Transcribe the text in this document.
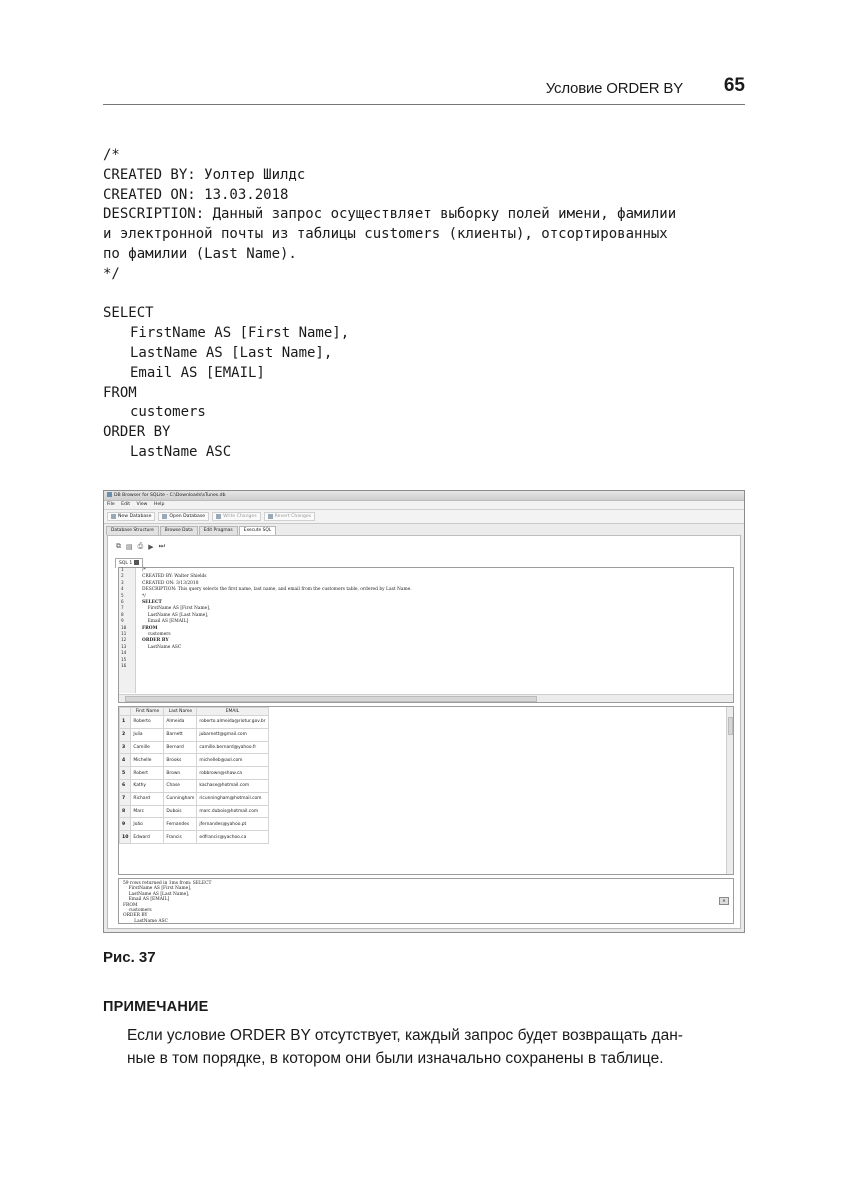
Условие ORDER BY 65
/*
CREATED BY: Уолтер Шилдс
CREATED ON: 13.03.2018
DESCRIPTION: Данный запрос осуществляет выборку полей имени, фамилии
и электронной почты из таблицы customers (клиенты), отсортированных
по фамилии (Last Name).
*/
SELECT
FirstName AS [First Name],
LastName AS [Last Name],
Email AS [EMAIL]
FROM
customers
ORDER BY
LastName ASC
DB Browser for SQLite - C:\Downloads\sTunes.db
File Edit View Help
New Database	Open Database	Write Changes	Revert Changes
Database Structure	Browse Data	Edit Pragmas	Execute SQL
⧉ ▤ ⎙ ▶ ⏭
SQL 1
1
2
3
4
5
6
7
8
9
10
11
12
13
14
15
16
/*
CREATED BY: Walter Shields
CREATED ON: 3/13/2018
DESCRIPTION: This query selects the first name, last name, and email from the customers table, ordered by Last Name.
*/
SELECT
FirstName AS [First Name],
LastName AS [Last Name],
Email AS [EMAIL]
FROM
customers
ORDER BY
LastName ASC
	First Name	Last Name	EMAIL
1	Roberto	Almeida	roberto.almeida@riotur.gov.br
2	Julia	Barnett	jubarnett@gmail.com
3	Camille	Bernard	camille.bernard@yahoo.fr
4	Michelle	Brooks	michelleb@aol.com
5	Robert	Brown	robbrown@shaw.ca
6	Kathy	Chase	kachase@hotmail.com
7	Richard	Cunningham	ricunningham@hotmail.com
8	Marc	Dubois	marc.dubois@hotmail.com
9	João	Fernandes	jfernandes@yahoo.pt
10	Edward	Francis	edfrancis@yachoo.ca
59 rows returned in 1ms from: SELECT
FirstName AS [First Name],
LastName AS [Last Name],
Email AS [EMAIL]
FROM
customers
ORDER BY
LastName ASC
✕
Рис. 37
ПРИМЕЧАНИЕ

Если условие ORDER BY отсутствует, каждый запрос будет возвращать дан-
ные в том порядке, в котором они были изначально сохранены в таблице.
